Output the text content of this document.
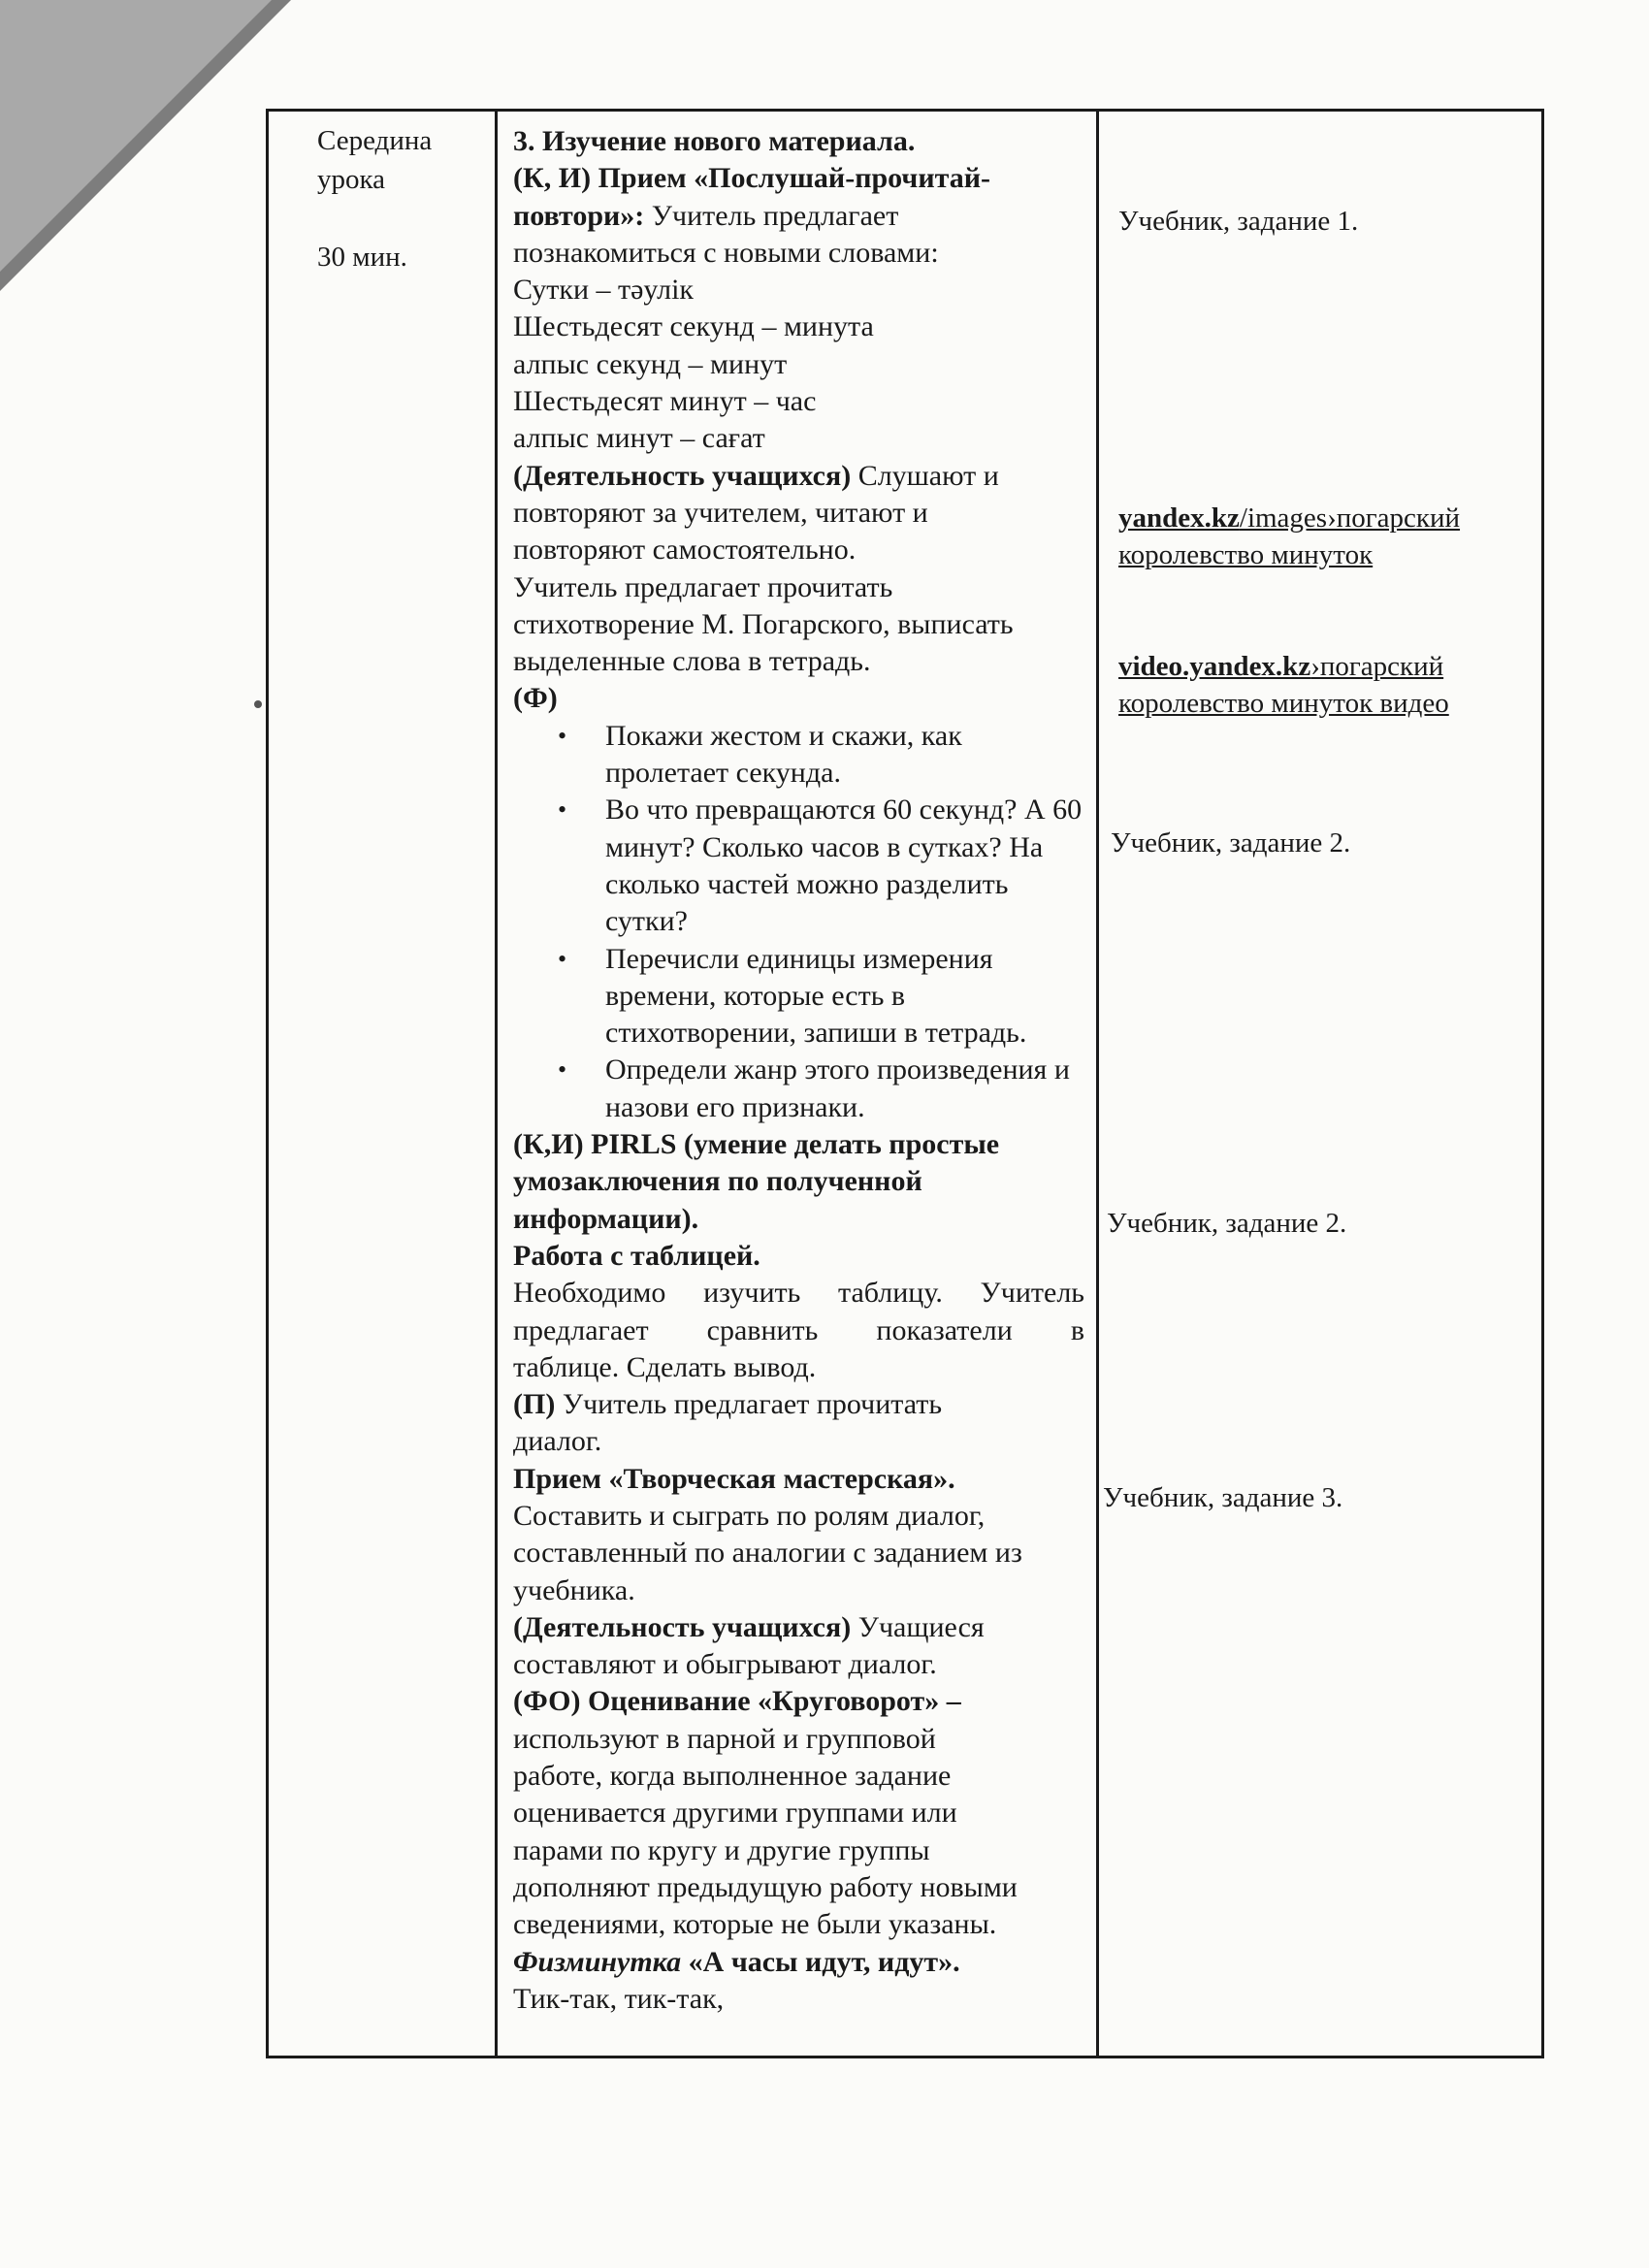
Середина
урока

30 мин.

3. Изучение нового материала.

(К, И) Прием «Послушай-прочитай-

повтори»: Учитель предлагает

познакомиться с новыми словами:

Сутки – тәулік

Шестьдесят секунд – минута

алпыс секунд – минут

Шестьдесят минут – час

алпыс минут – сағат

(Деятельность учащихся) Слушают и

повторяют за учителем, читают и

повторяют самостоятельно.

Учитель предлагает прочитать

стихотворение М. Погарского, выписать

выделенные слова в тетрадь.

(Ф)

• Покажи жестом и скажи, как пролетает секунда.
• Во что превращаются 60 секунд? А 60 минут? Сколько часов в сутках? На сколько частей можно разделить сутки?
• Перечисли единицы измерения времени, которые есть в стихотворении, запиши в тетрадь.
• Определи жанр этого произведения и назови его признаки.

(К,И) PIRLS (умение делать простые

умозаключения по полученной

информации).

Работа с таблицей.

Необходимо изучить таблицу. Учитель

предлагает сравнить показатели в

таблице. Сделать вывод.

(П) Учитель предлагает прочитать

диалог.

Прием «Творческая мастерская».

Составить и сыграть по ролям диалог,

составленный по аналогии с заданием из

учебника.

(Деятельность учащихся) Учащиеся

составляют и обыгрывают диалог.

(ФО) Оценивание «Круговорот» –

используют в парной и групповой

работе, когда выполненное задание

оценивается другими группами или

парами по кругу и другие группы

дополняют предыдущую работу новыми

сведениями, которые не были указаны.

Физминутка «А часы идут, идут».

Тик-так, тик-так,

Учебник, задание 1.
yandex.kz/images›погарский
королевство минуток
video.yandex.kz›погарский
королевство минуток видео
Учебник, задание 2.
Учебник, задание 2.
Учебник, задание 3.
